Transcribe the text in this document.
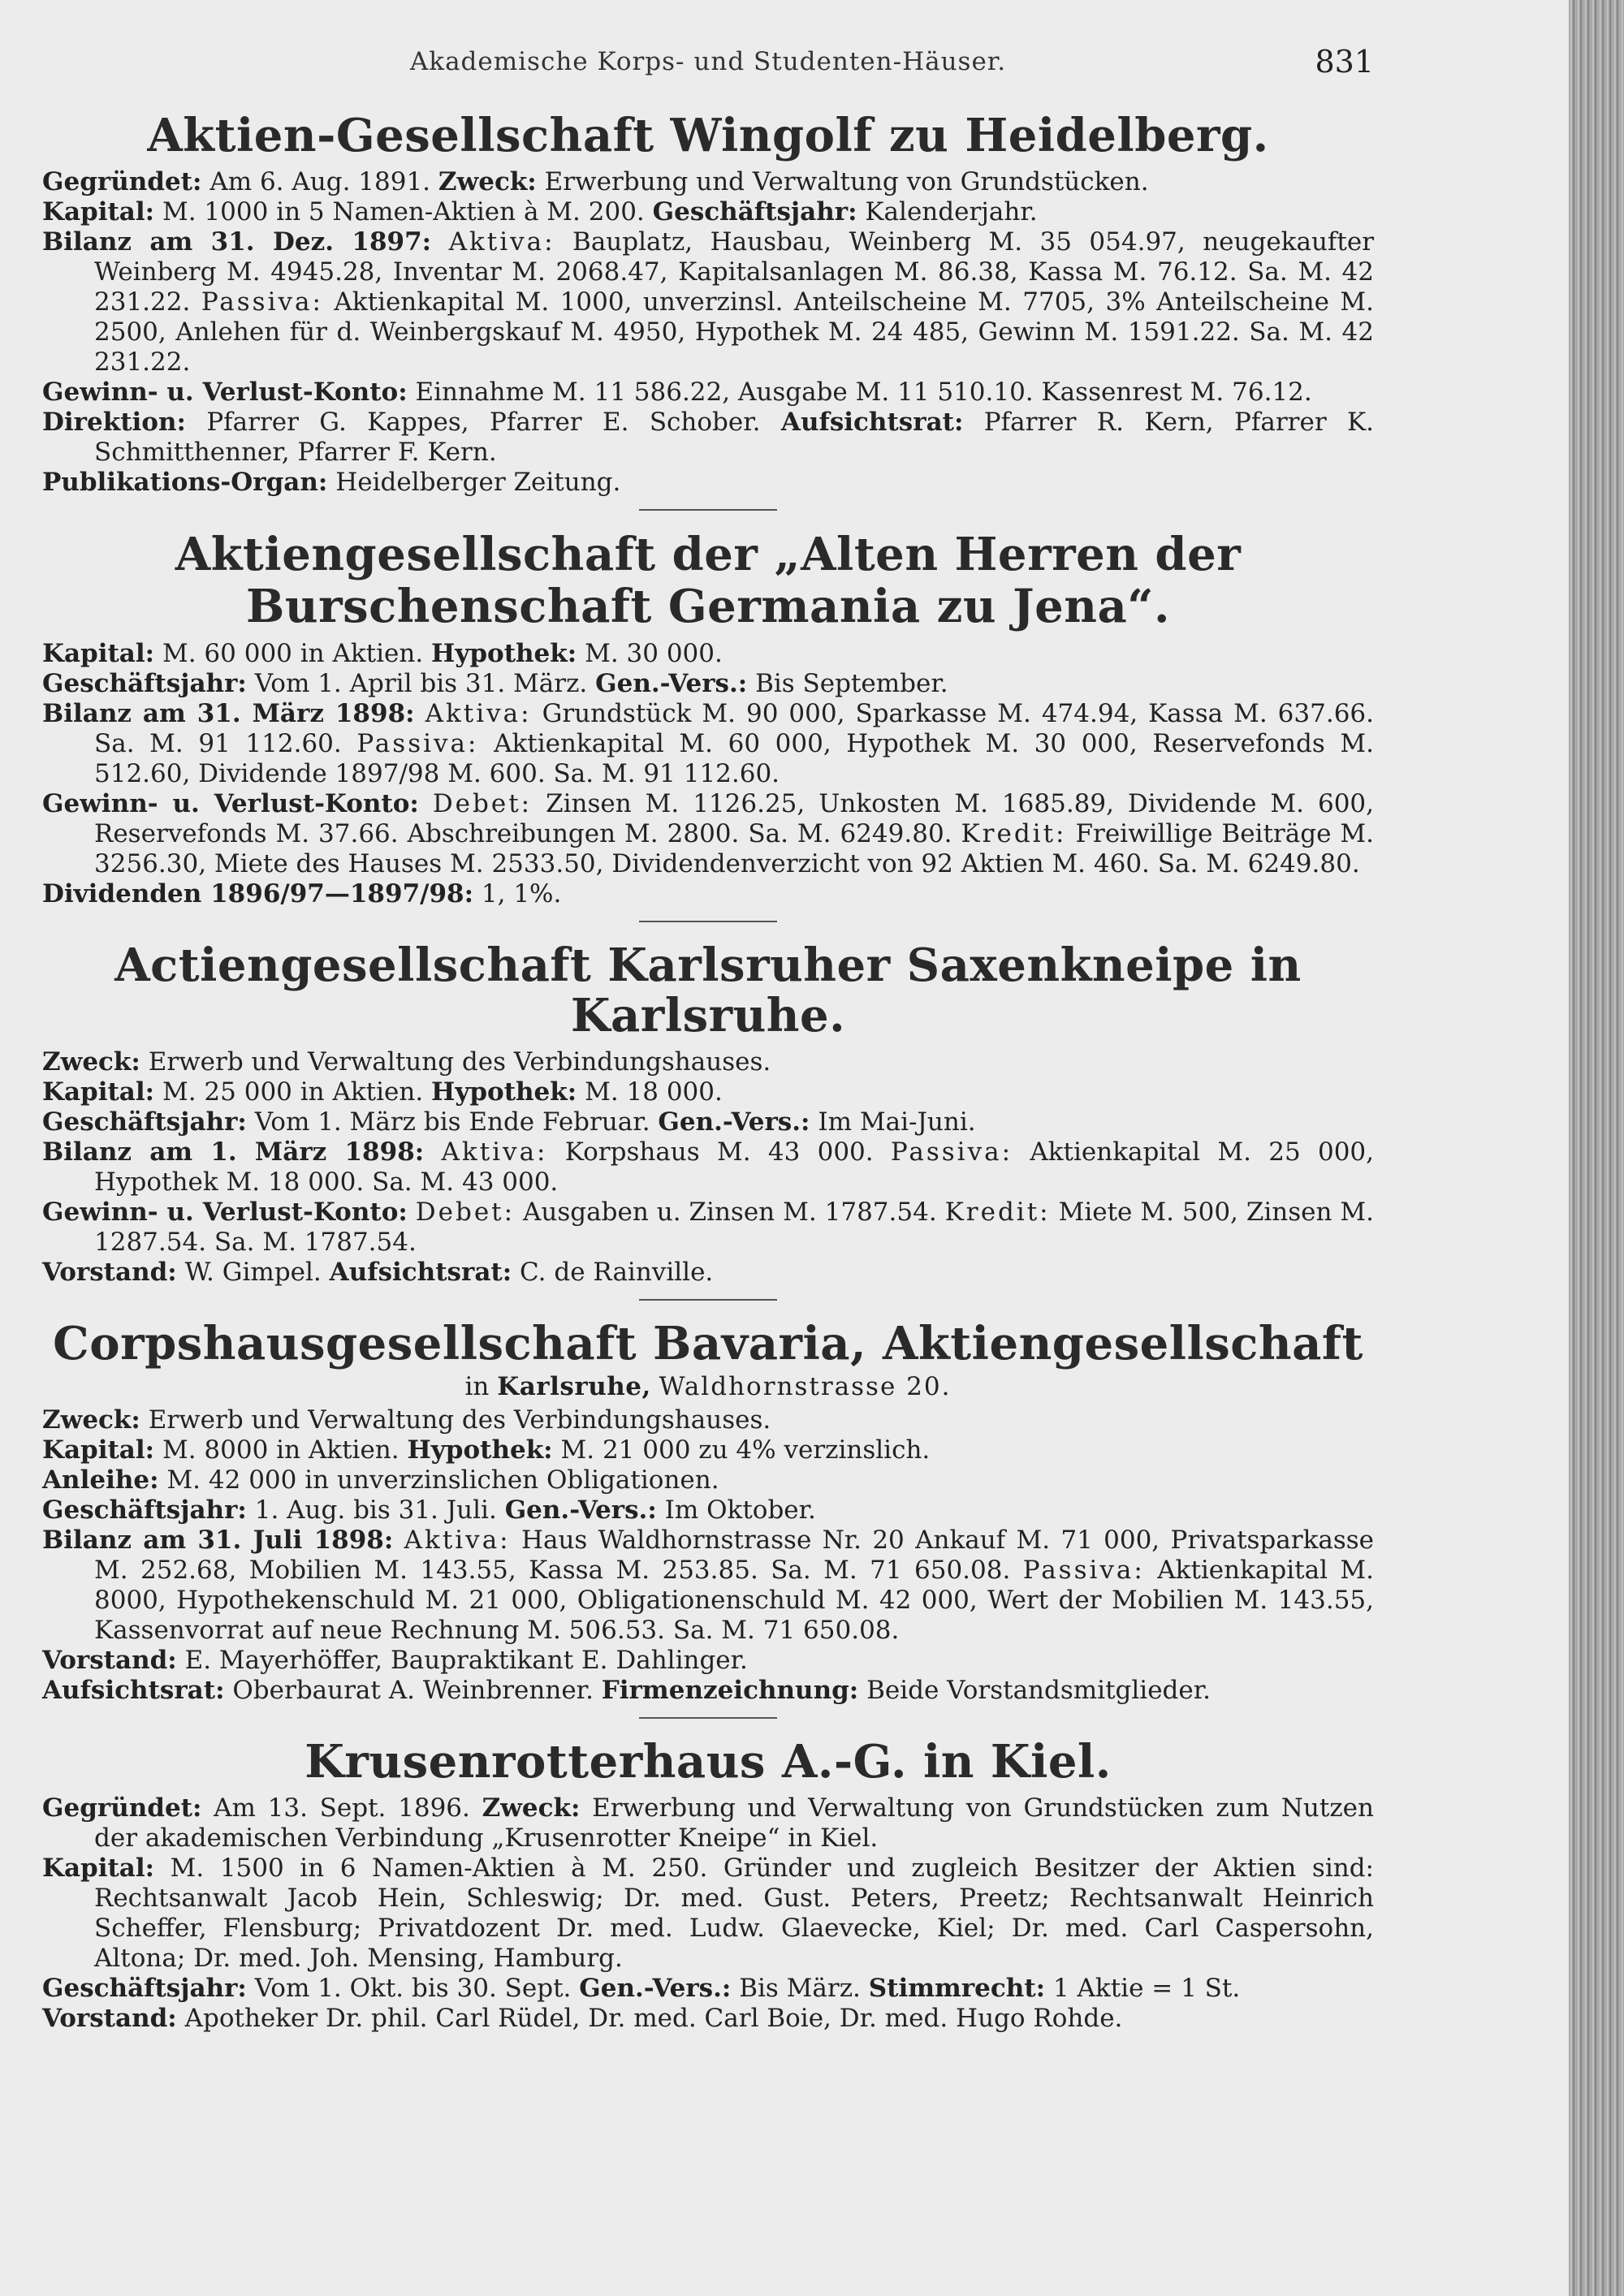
Akademische Korps- und Studenten-Häuser.	831
Aktien-Gesellschaft Wingolf zu Heidelberg.

Gegründet: Am 6. Aug. 1891. Zweck: Erwerbung und Verwaltung von Grundstücken.

Kapital: M. 1000 in 5 Namen-Aktien à M. 200. Geschäftsjahr: Kalenderjahr.

Bilanz am 31. Dez. 1897: Aktiva: Bauplatz, Hausbau, Weinberg M. 35 054.97, neugekaufter Weinberg M. 4945.28, Inventar M. 2068.47, Kapitalsanlagen M. 86.38, Kassa M. 76.12. Sa. M. 42 231.22. Passiva: Aktienkapital M. 1000, unverzinsl. Anteilscheine M. 7705, 3% Anteilscheine M. 2500, Anlehen für d. Weinbergskauf M. 4950, Hypothek M. 24 485, Gewinn M. 1591.22. Sa. M. 42 231.22.

Gewinn- u. Verlust-Konto: Einnahme M. 11 586.22, Ausgabe M. 11 510.10. Kassenrest M. 76.12.

Direktion: Pfarrer G. Kappes, Pfarrer E. Schober. Aufsichtsrat: Pfarrer R. Kern, Pfarrer K. Schmitthenner, Pfarrer F. Kern.

Publikations-Organ: Heidelberger Zeitung.

Aktiengesellschaft der „Alten Herren der Burschenschaft Germania zu Jena“.

Kapital: M. 60 000 in Aktien. Hypothek: M. 30 000.

Geschäftsjahr: Vom 1. April bis 31. März. Gen.-Vers.: Bis September.

Bilanz am 31. März 1898: Aktiva: Grundstück M. 90 000, Sparkasse M. 474.94, Kassa M. 637.66. Sa. M. 91 112.60. Passiva: Aktienkapital M. 60 000, Hypothek M. 30 000, Reservefonds M. 512.60, Dividende 1897/98 M. 600. Sa. M. 91 112.60.

Gewinn- u. Verlust-Konto: Debet: Zinsen M. 1126.25, Unkosten M. 1685.89, Dividende M. 600, Reservefonds M. 37.66. Abschreibungen M. 2800. Sa. M. 6249.80. Kredit: Freiwillige Beiträge M. 3256.30, Miete des Hauses M. 2533.50, Dividendenverzicht von 92 Aktien M. 460. Sa. M. 6249.80.

Dividenden 1896/97—1897/98: 1, 1%.

Actiengesellschaft Karlsruher Saxenkneipe in Karlsruhe.

Zweck: Erwerb und Verwaltung des Verbindungshauses.

Kapital: M. 25 000 in Aktien. Hypothek: M. 18 000.

Geschäftsjahr: Vom 1. März bis Ende Februar. Gen.-Vers.: Im Mai-Juni.

Bilanz am 1. März 1898: Aktiva: Korpshaus M. 43 000. Passiva: Aktienkapital M. 25 000, Hypothek M. 18 000. Sa. M. 43 000.

Gewinn- u. Verlust-Konto: Debet: Ausgaben u. Zinsen M. 1787.54. Kredit: Miete M. 500, Zinsen M. 1287.54. Sa. M. 1787.54.

Vorstand: W. Gimpel. Aufsichtsrat: C. de Rainville.

Corpshausgesellschaft Bavaria, Aktiengesellschaft
in Karlsruhe, Waldhornstrasse 20.

Zweck: Erwerb und Verwaltung des Verbindungshauses.

Kapital: M. 8000 in Aktien. Hypothek: M. 21 000 zu 4% verzinslich.

Anleihe: M. 42 000 in unverzinslichen Obligationen.

Geschäftsjahr: 1. Aug. bis 31. Juli. Gen.-Vers.: Im Oktober.

Bilanz am 31. Juli 1898: Aktiva: Haus Waldhornstrasse Nr. 20 Ankauf M. 71 000, Privatsparkasse M. 252.68, Mobilien M. 143.55, Kassa M. 253.85. Sa. M. 71 650.08. Passiva: Aktienkapital M. 8000, Hypothekenschuld M. 21 000, Obligationenschuld M. 42 000, Wert der Mobilien M. 143.55, Kassenvorrat auf neue Rechnung M. 506.53. Sa. M. 71 650.08.

Vorstand: E. Mayerhöffer, Baupraktikant E. Dahlinger.

Aufsichtsrat: Oberbaurat A. Weinbrenner. Firmenzeichnung: Beide Vorstandsmitglieder.

Krusenrotterhaus A.-G. in Kiel.

Gegründet: Am 13. Sept. 1896. Zweck: Erwerbung und Verwaltung von Grundstücken zum Nutzen der akademischen Verbindung „Krusenrotter Kneipe“ in Kiel.

Kapital: M. 1500 in 6 Namen-Aktien à M. 250. Gründer und zugleich Besitzer der Aktien sind: Rechtsanwalt Jacob Hein, Schleswig; Dr. med. Gust. Peters, Preetz; Rechtsanwalt Heinrich Scheffer, Flensburg; Privatdozent Dr. med. Ludw. Glaevecke, Kiel; Dr. med. Carl Caspersohn, Altona; Dr. med. Joh. Mensing, Hamburg.

Geschäftsjahr: Vom 1. Okt. bis 30. Sept. Gen.-Vers.: Bis März. Stimmrecht: 1 Aktie = 1 St.

Vorstand: Apotheker Dr. phil. Carl Rüdel, Dr. med. Carl Boie, Dr. med. Hugo Rohde.
